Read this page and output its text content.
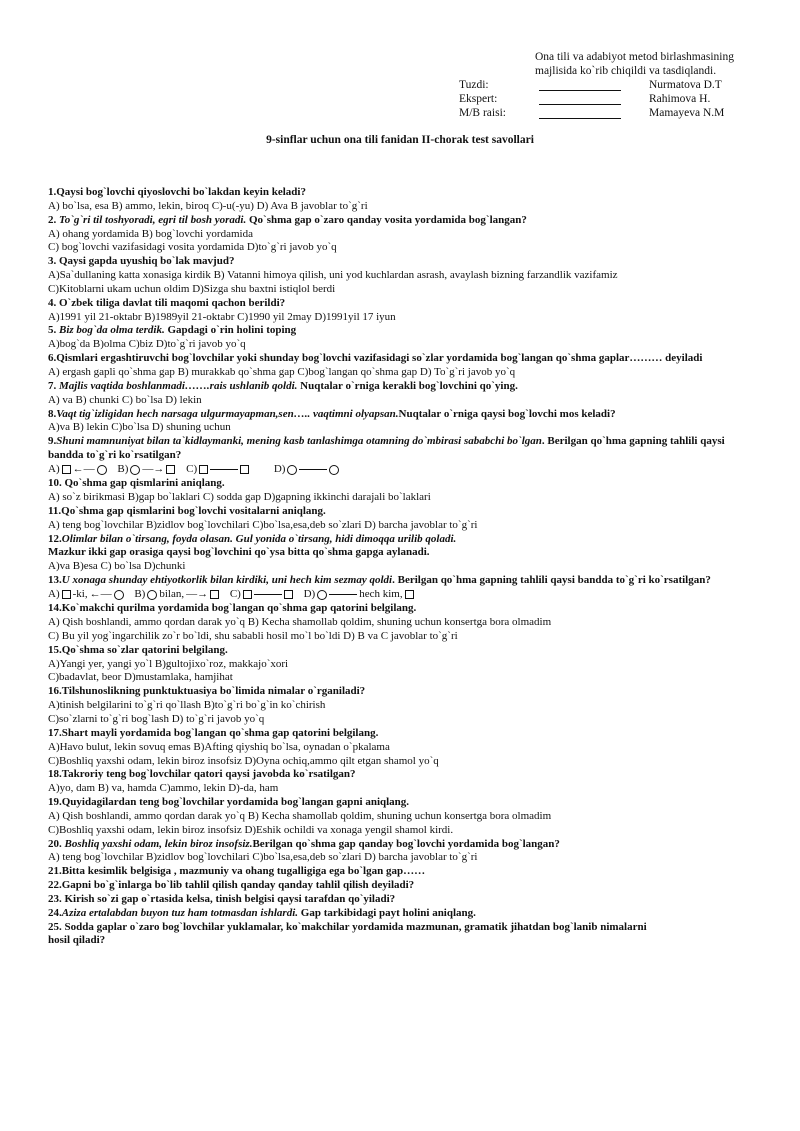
Ona tili va adabiyot metod birlashmasining
majlisida ko`rib chiqildi va tasdiqlandi.
Tuzdi:	Nurmatova D.T
Ekspert:	Rahimova H.
M/B raisi:	Mamayeva N.M
9-sinflar uchun ona tili fanidan II-chorak test savollari
1.Qaysi bog`lovchi qiyoslovchi bo`lakdan keyin keladi?
A) bo`lsa, esa B) ammo, lekin, biroq C)-u(-yu) D) Ava B javoblar to`g`ri
2. To`g`ri til toshyoradi, egri til bosh yoradi. Qo`shma gap o`zaro qanday vosita yordamida bog`langan?
A) ohang yordamida B) bog`lovchi yordamida
C) bog`lovchi vazifasidagi vosita yordamida D)to`g`ri javob yo`q
3. Qaysi gapda uyushiq bo`lak mavjud?
A)Sa`dullaning katta xonasiga kirdik B) Vatanni himoya qilish, uni yod kuchlardan asrash, avaylash bizning farzandlik vazifamiz
C)Kitoblarni ukam uchun oldim D)Sizga shu baxtni istiqlol berdi
4. O`zbek tiliga davlat tili maqomi qachon berildi?
A)1991 yil 21-oktabr B)1989yil 21-oktabr C)1990 yil 2may D)1991yil 17 iyun
5. Biz bog`da olma terdik. Gapdagi o`rin holini toping
A)bog`da B)olma C)biz D)to`g`ri javob yo`q
6.Qismlari ergashtiruvchi bog`lovchilar yoki shunday bog`lovchi vazifasidagi so`zlar yordamida bog`langan qo`shma gaplar……… deyiladi
A) ergash gapli qo`shma gap B) murakkab qo`shma gap C)bog`langan qo`shma gap D) To`g`ri javob yo`q
7. Majlis vaqtida boshlanmadi…….rais ushlanib qoldi. Nuqtalar o`rniga kerakli bog`lovchini qo`ying.
A) va B) chunki C) bo`lsa D) lekin
8.Vaqt tig`izligidan hech narsaga ulgurmayapman,sen….. vaqtimni olyapsan.Nuqtalar o`rniga qaysi bog`lovchi mos keladi?
A)va B) lekin C)bo`lsa D) shuning uchun
9.Shuni mamnuniyat bilan ta`kidlaymanki, mening kasb tanlashimga otamning do`mbirasi sababchi bo`lgan. Berilgan qo`hma gapning tahlili qaysi bandda to`g`ri ko`rsatilgan?
A) ←—
B) —→
C)
	D)
10. Qo`shma gap qismlarini aniqlang.
A) so`z birikmasi B)gap bo`laklari C) sodda gap D)gapning ikkinchi darajali bo`laklari
11.Qo`shma gap qismlarini bog`lovchi vositalarni aniqlang.
A) teng bog`lovchilar B)zidlov bog`lovchilari C)bo`lsa,esa,deb so`zlari D) barcha javoblar to`g`ri
12.Olimlar bilan o`tirsang, foyda olasan. Gul yonida o`tirsang, hidi dimoqqa urilib qoladi.
Mazkur ikki gap orasiga qaysi bog`lovchini qo`ysa bitta qo`shma gapga aylanadi.
A)va B)esa C) bo`lsa D)chunki
13.U xonaga shunday ehtiyotkorlik bilan kirdiki, uni hech kim sezmay qoldi. Berilgan qo`hma gapning tahlili qaysi bandda to`g`ri ko`rsatilgan?
A) -ki, ←—
B) bilan, —→
C)
	D)	hech kim,
14.Ko`makchi qurilma yordamida bog`langan qo`shma gap qatorini belgilang.
A) Qish boshlandi, ammo qordan darak yo`q B) Kecha shamollab qoldim, shuning uchun konsertga bora olmadim
C) Bu yil yog`ingarchilik zo`r bo`ldi, shu sababli hosil mo`l bo`ldi D) B va C javoblar to`g`ri
15.Qo`shma so`zlar qatorini belgilang.
A)Yangi yer, yangi yo`l B)gultojixo`roz, makkajo`xori
C)badavlat, beor D)mustamlaka, hamjihat
16.Tilshunoslikning punktuktuasiya bo`limida nimalar o`rganiladi?
A)tinish belgilarini to`g`ri qo`llash B)to`g`ri bo`g`in ko`chirish
C)so`zlarni to`g`ri bog`lash D) to`g`ri javob yo`q
17.Shart mayli yordamida bog`langan qo`shma gap qatorini belgilang.
A)Havo bulut, lekin sovuq emas B)Afting qiyshiq bo`lsa, oynadan o`pkalama
C)Boshliq yaxshi odam, lekin biroz insofsiz D)Oyna ochiq,ammo qilt etgan shamol yo`q
18.Takroriy teng bog`lovchilar qatori qaysi javobda ko`rsatilgan?
A)yo, dam B) va, hamda C)ammo, lekin D)-da, ham
19.Quyidagilardan teng bog`lovchilar yordamida bog`langan gapni aniqlang.
A) Qish boshlandi, ammo qordan darak yo`q B) Kecha shamollab qoldim, shuning uchun konsertga bora olmadim
C)Boshliq yaxshi odam, lekin biroz insofsiz D)Eshik ochildi va xonaga yengil shamol kirdi.
20. Boshliq yaxshi odam, lekin biroz insofsiz.Berilgan qo`shma gap qanday bog`lovchi yordamida bog`langan?
A) teng bog`lovchilar B)zidlov bog`lovchilari C)bo`lsa,esa,deb so`zlari D) barcha javoblar to`g`ri
21.Bitta kesimlik belgisiga , mazmuniy va ohang tugalligiga ega bo`lgan gap……
22.Gapni bo`g`inlarga bo`lib tahlil qilish qanday qanday tahlil qilish deyiladi?
23. Kirish so`zi gap o`rtasida kelsa, tinish belgisi qaysi tarafdan qo`yiladi?
24.Aziza ertalabdan buyon tuz ham totmasdan ishlardi. Gap tarkibidagi payt holini aniqlang.
25. Sodda gaplar o`zaro bog`lovchilar yuklamalar, ko`makchilar yordamida mazmunan, gramatik jihatdan bog`lanib nimalarni hosil qiladi?
